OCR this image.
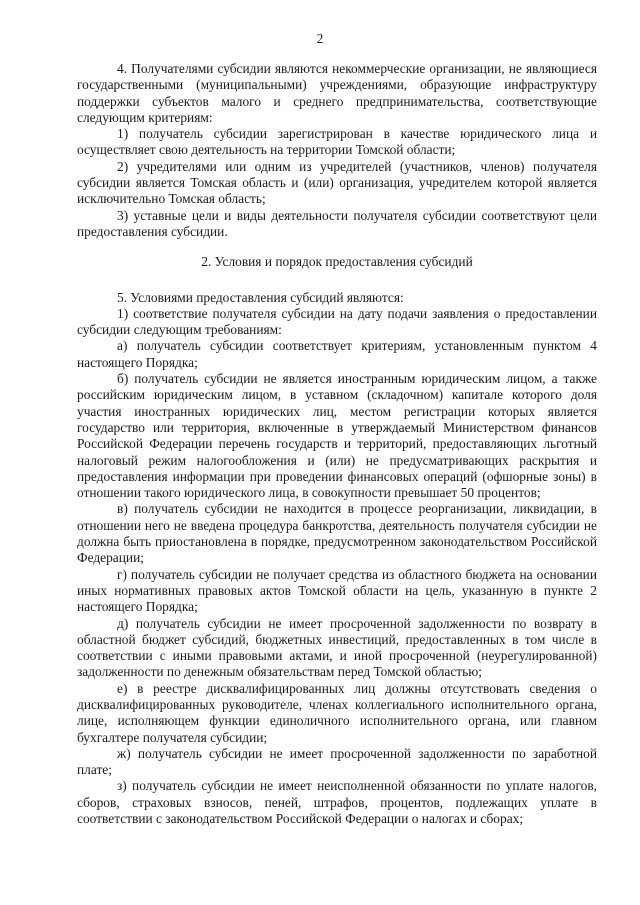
2

4. Получателями субсидии являются некоммерческие организации, не являющиеся государственными (муниципальными) учреждениями, образующие инфраструктуру поддержки субъектов малого и среднего предпринимательства, соответствующие следующим критериям:

1) получатель субсидии зарегистрирован в качестве юридического лица и осуществляет свою деятельность на территории Томской области;

2) учредителями или одним из учредителей (участников, членов) получателя субсидии является Томская область и (или) организация, учредителем которой является исключительно Томская область;

3) уставные цели и виды деятельности получателя субсидии соответствуют цели предоставления субсидии.

2. Условия и порядок предоставления субсидий

5. Условиями предоставления субсидий являются:

1) соответствие получателя субсидии на дату подачи заявления о предоставлении субсидии следующим требованиям:

а) получатель субсидии соответствует критериям, установленным пунктом 4 настоящего Порядка;

б) получатель субсидии не является иностранным юридическим лицом, а также российским юридическим лицом, в уставном (складочном) капитале которого доля участия иностранных юридических лиц, местом регистрации которых является государство или территория, включенные в утверждаемый Министерством финансов Российской Федерации перечень государств и территорий, предоставляющих льготный налоговый режим налогообложения и (или) не предусматривающих раскрытия и предоставления информации при проведении финансовых операций (офшорные зоны) в отношении такого юридического лица, в совокупности превышает 50 процентов;

в) получатель субсидии не находится в процессе реорганизации, ликвидации, в отношении него не введена процедура банкротства, деятельность получателя субсидии не должна быть приостановлена в порядке, предусмотренном законодательством Российской Федерации;

г) получатель субсидии не получает средства из областного бюджета на основании иных нормативных правовых актов Томской области на цель, указанную в пункте 2 настоящего Порядка;

д) получатель субсидии не имеет просроченной задолженности по возврату в областной бюджет субсидий, бюджетных инвестиций, предоставленных в том числе в соответствии с иными правовыми актами, и иной просроченной (неурегулированной) задолженности по денежным обязательствам перед Томской областью;

е) в реестре дисквалифицированных лиц должны отсутствовать сведения о дисквалифицированных руководителе, членах коллегиального исполнительного органа, лице, исполняющем функции единоличного исполнительного органа, или главном бухгалтере получателя субсидии;

ж) получатель субсидии не имеет просроченной задолженности по заработной плате;

з) получатель субсидии не имеет неисполненной обязанности по уплате налогов, сборов, страховых взносов, пеней, штрафов, процентов, подлежащих уплате в соответствии с законодательством Российской Федерации о налогах и сборах;
